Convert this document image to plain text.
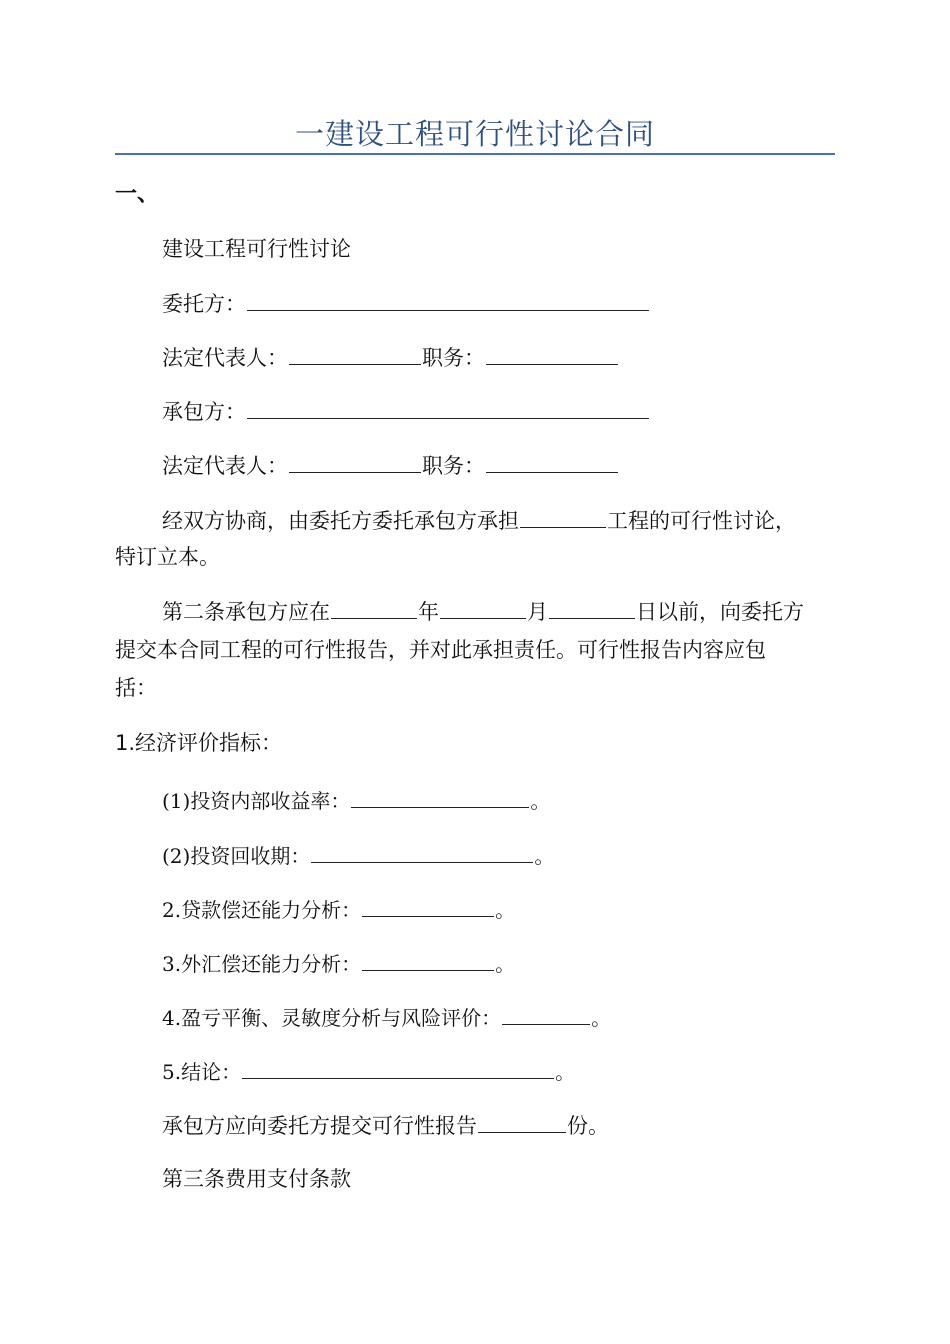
一建设工程可行性讨论合同
一、
建设工程可行性讨论
委托方：
法定代表人：	职务：
承包方：
法定代表人：	职务：
经双方协商，由委托方委托承包方承担	工程的可行性讨论，
特订立本。
第二条承包方应在	年	月	日以前，向委托方
提交本合同工程的可行性报告，并对此承担责任。可行性报告内容应包
括：
1.经济评价指标：
(1)投资内部收益率：	。
(2)投资回收期：	。
2.贷款偿还能力分析：	。
3.外汇偿还能力分析：	。
4.盈亏平衡、灵敏度分析与风险评价：	。
5.结论：	。
承包方应向委托方提交可行性报告	份。
第三条费用支付条款
